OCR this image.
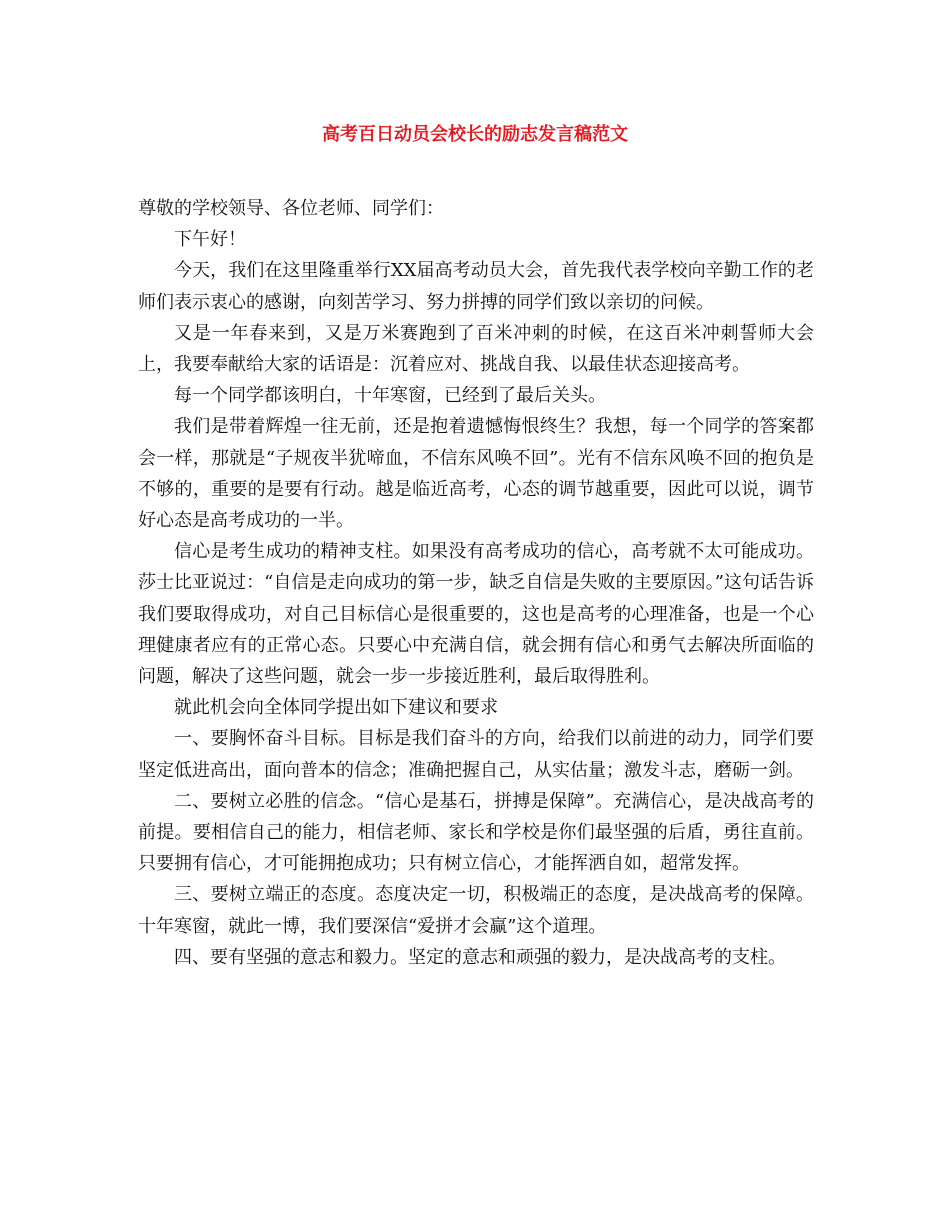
高考百日动员会校长的励志发言稿范文

尊敬的学校领导、各位老师、同学们：

下午好！

今天，我们在这里隆重举行XX届高考动员大会，首先我代表学校向辛勤工作的老师们表示衷心的感谢，向刻苦学习、努力拼搏的同学们致以亲切的问候。

又是一年春来到，又是万米赛跑到了百米冲刺的时候，在这百米冲刺誓师大会上，我要奉献给大家的话语是：沉着应对、挑战自我、以最佳状态迎接高考。

每一个同学都该明白，十年寒窗，已经到了最后关头。

我们是带着辉煌一往无前，还是抱着遗憾悔恨终生？我想，每一个同学的答案都会一样，那就是“子规夜半犹啼血，不信东风唤不回”。光有不信东风唤不回的抱负是不够的，重要的是要有行动。越是临近高考，心态的调节越重要，因此可以说，调节好心态是高考成功的一半。

信心是考生成功的精神支柱。如果没有高考成功的信心，高考就不太可能成功。莎士比亚说过：“自信是走向成功的第一步，缺乏自信是失败的主要原因。”这句话告诉我们要取得成功，对自己目标信心是很重要的，这也是高考的心理准备，也是一个心理健康者应有的正常心态。只要心中充满自信，就会拥有信心和勇气去解决所面临的问题，解决了这些问题，就会一步一步接近胜利，最后取得胜利。

就此机会向全体同学提出如下建议和要求

一、要胸怀奋斗目标。目标是我们奋斗的方向，给我们以前进的动力，同学们要坚定低进高出，面向普本的信念；准确把握自己，从实估量；激发斗志，磨砺一剑。

二、要树立必胜的信念。“信心是基石，拼搏是保障”。充满信心，是决战高考的前提。要相信自己的能力，相信老师、家长和学校是你们最坚强的后盾，勇往直前。只要拥有信心，才可能拥抱成功；只有树立信心，才能挥洒自如，超常发挥。

三、要树立端正的态度。态度决定一切，积极端正的态度，是决战高考的保障。十年寒窗，就此一博，我们要深信“爱拼才会赢”这个道理。

四、要有坚强的意志和毅力。坚定的意志和顽强的毅力，是决战高考的支柱。
